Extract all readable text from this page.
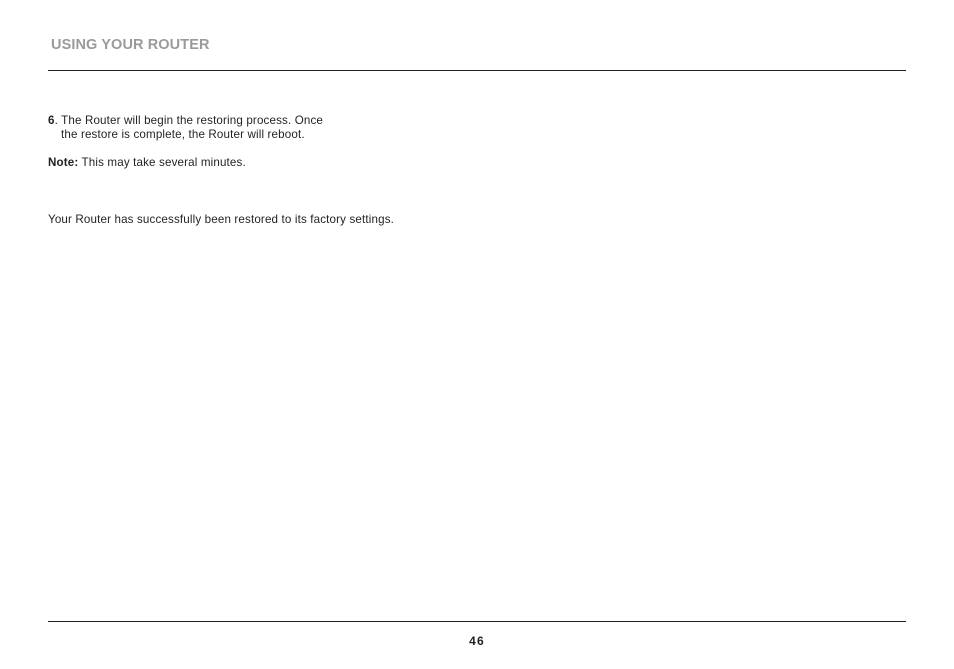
USING YOUR ROUTER
6. The Router will begin the restoring process. Once
the restore is complete, the Router will reboot.
Note: This may take several minutes.
Your Router has successfully been restored to its factory settings.
46
